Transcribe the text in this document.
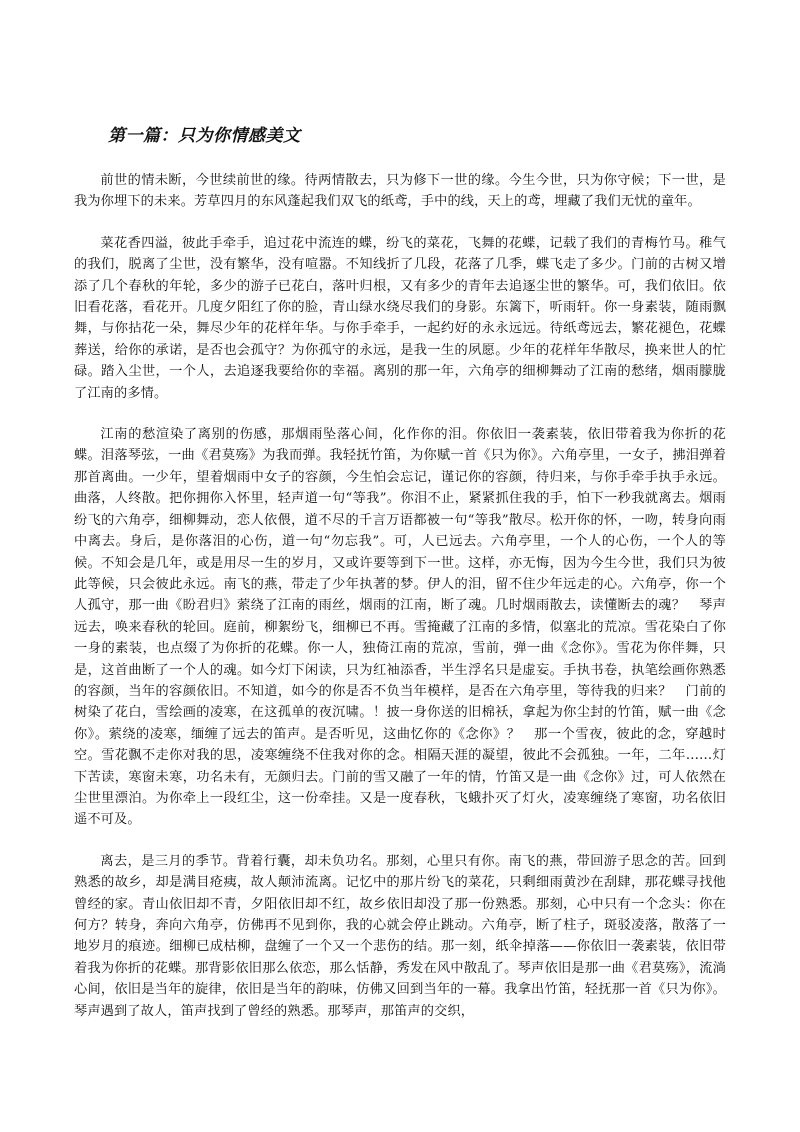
第一篇：只为你情感美文

前世的情未断，今世续前世的缘。待两情散去，只为修下一世的缘。今生今世，只为你守候；下一世，是我为你埋下的未来。芳草四月的东风蓬起我们双飞的纸鸢，手中的线，天上的鸢，埋藏了我们无忧的童年。

菜花香四溢，彼此手牵手，追过花中流连的蝶，纷飞的菜花，飞舞的花蝶，记载了我们的青梅竹马。稚气的我们，脱离了尘世，没有繁华，没有喧嚣。不知线折了几段，花落了几季，蝶飞走了多少。门前的古树又增添了几个春秋的年轮，多少的游子已花白，落叶归根，又有多少的青年去追逐尘世的繁华。可，我们依旧。依旧看花落，看花开。几度夕阳红了你的脸，青山绿水绕尽我们的身影。东篱下，听雨轩。你一身素装，随雨飘舞，与你拈花一朵，舞尽少年的花样年华。与你手牵手，一起约好的永永远远。待纸鸢远去，繁花褪色，花蝶葬送，给你的承诺，是否也会孤守？为你孤守的永远，是我一生的夙愿。少年的花样年华散尽，换来世人的忙碌。踏入尘世，一个人，去追逐我要给你的幸福。离别的那一年，六角亭的细柳舞动了江南的愁绪，烟雨朦胧了江南的多情。

江南的愁渲染了离别的伤感，那烟雨坠落心间，化作你的泪。你依旧一袭素装，依旧带着我为你折的花蝶。泪落琴弦，一曲《君莫殇》为我而弹。我轻抚竹笛，为你赋一首《只为你》。六角亭里，一女子，拂泪弹着那首离曲。一少年，望着烟雨中女子的容颜，今生怕会忘记，谨记你的容颜，待归来，与你手牵手执手永远。曲落，人终散。把你拥你入怀里，轻声道一句“等我”。你泪不止，紧紧抓住我的手，怕下一秒我就离去。烟雨纷飞的六角亭，细柳舞动，恋人依偎，道不尽的千言万语都被一句“等我”散尽。松开你的怀，一吻，转身向雨中离去。身后，是你落泪的心伤，道一句“勿忘我”。可，人已远去。六角亭里，一个人的心伤，一个人的等候。不知会是几年，或是用尽一生的岁月，又或许要等到下一世。这样，亦无悔，因为今生今世，我们只为彼此等候，只会彼此永远。南飞的燕，带走了少年执著的梦。伊人的泪，留不住少年远走的心。六角亭，你一个人孤守，那一曲《盼君归》萦绕了江南的雨丝，烟雨的江南，断了魂。几时烟雨散去，读懂断去的魂？　琴声远去，唤来春秋的轮回。庭前，柳絮纷飞，细柳已不再。雪掩藏了江南的多情，似塞北的荒凉。雪花染白了你一身的素装，也点缀了为你折的花蝶。你一人，独倚江南的荒凉，雪前，弹一曲《念你》。雪花为你伴舞，只是，这首曲断了一个人的魂。如今灯下闲读，只为红袖添香，半生浮名只是虚妄。手执书卷，执笔绘画你熟悉的容颜，当年的容颜依旧。不知道，如今的你是否不负当年模样，是否在六角亭里，等待我的归来？　门前的树染了花白，雪绘画的凌寒，在这孤单的夜沉啸。！披一身你送的旧棉袄，拿起为你尘封的竹笛，赋一曲《念你》。萦绕的凌寒，缅缠了远去的笛声。是否听见，这曲忆你的《念你》？　那一个雪夜，彼此的念，穿越时空。雪花飘不走你对我的思，凌寒缠绕不住我对你的念。相隔天涯的凝望，彼此不会孤独。一年，二年……灯下苦读，寒窗未寒，功名未有，无颜归去。门前的雪又融了一年的情，竹笛又是一曲《念你》过，可人依然在尘世里漂泊。为你牵上一段红尘，这一份牵挂。又是一度春秋，飞蛾扑灭了灯火，凌寒缠绕了寒窗，功名依旧遥不可及。

离去，是三月的季节。背着行囊，却未负功名。那刻，心里只有你。南飞的燕，带回游子思念的苦。回到熟悉的故乡，却是满目疮痍，故人颠沛流离。记忆中的那片纷飞的菜花，只剩细雨黄沙在刮肆，那花蝶寻找他曾经的家。青山依旧却不青，夕阳依旧却不红，故乡依旧却没了那一份熟悉。那刻，心中只有一个念头：你在何方？转身，奔向六角亭，仿佛再不见到你，我的心就会停止跳动。六角亭，断了柱子，斑驳凌落，散落了一地岁月的痕迹。细柳已成枯柳，盘缠了一个又一个悲伤的结。那一刻，纸伞掉落——你依旧一袭素装，依旧带着我为你折的花蝶。那背影依旧那么依恋，那么恬静，秀发在风中散乱了。琴声依旧是那一曲《君莫殇》，流淌心间，依旧是当年的旋律，依旧是当年的韵味，仿佛又回到当年的一幕。我拿出竹笛，轻抚那一首《只为你》。琴声遇到了故人，笛声找到了曾经的熟悉。那琴声，那笛声的交织，
